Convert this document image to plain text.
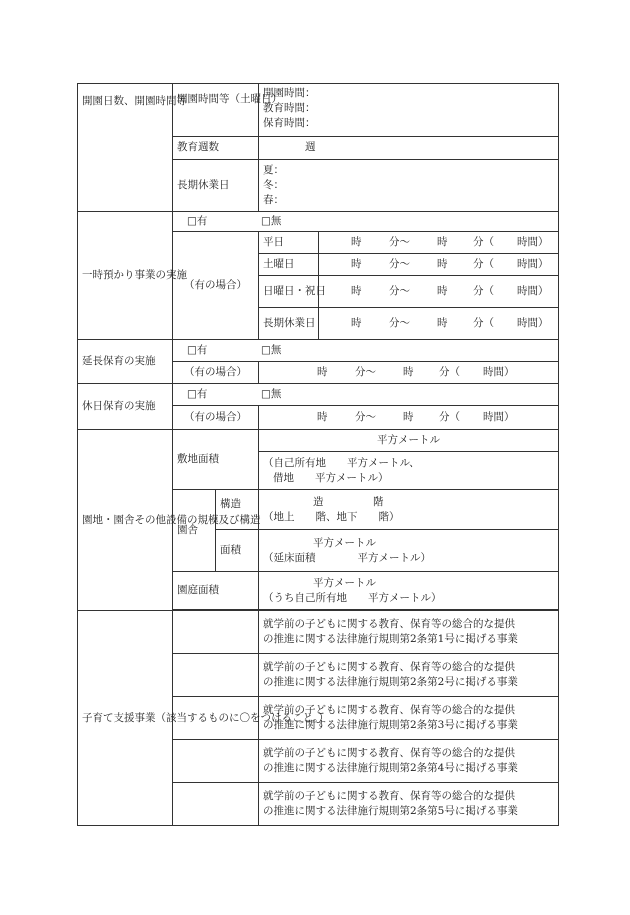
開園日数、開園時間等	開園時間等（土曜日）		開園時間：
教育時間：
保育時間：	

	教育週数		週	
	長期休業日		夏：
冬：
春：	

一時預かり事業の実施	□有 □無			
	（有の場合）		平日	時 分～ 時 分（ 時間）
			土曜日	時 分～ 時 分（ 時間）
			日曜日・祝日	時 分～ 時 分（ 時間）
			長期休業日	時 分～ 時 分（ 時間）
延長保育の実施	□有 □無			
	（有の場合）		時 分～ 時 分（ 時間）	
休日保育の実施	□有 □無			
	（有の場合）		時 分～ 時 分（ 時間）	
園地・園舎その他設備の規模及び構造	敷地面積		平方メートル	

			（自己所有地　　平方メートル、
借地　　平方メートル）	

	園舎	構造	造 階
（地上　　階、地下　　階）	

		面積	平方メートル
（延床面積　　　　平方メートル）	

	園庭面積		平方メートル
（うち自己所有地　　平方メートル）	

子育て支援事業（該当するものに〇をつけること。）			就学前の子どもに関する教育、保育等の総合的な提供
の推進に関する法律施行規則第2条第1号に掲げる事業	

			就学前の子どもに関する教育、保育等の総合的な提供
の推進に関する法律施行規則第2条第2号に掲げる事業	

			就学前の子どもに関する教育、保育等の総合的な提供
の推進に関する法律施行規則第2条第3号に掲げる事業	

			就学前の子どもに関する教育、保育等の総合的な提供
の推進に関する法律施行規則第2条第4号に掲げる事業	

			就学前の子どもに関する教育、保育等の総合的な提供
の推進に関する法律施行規則第2条第5号に掲げる事業	
